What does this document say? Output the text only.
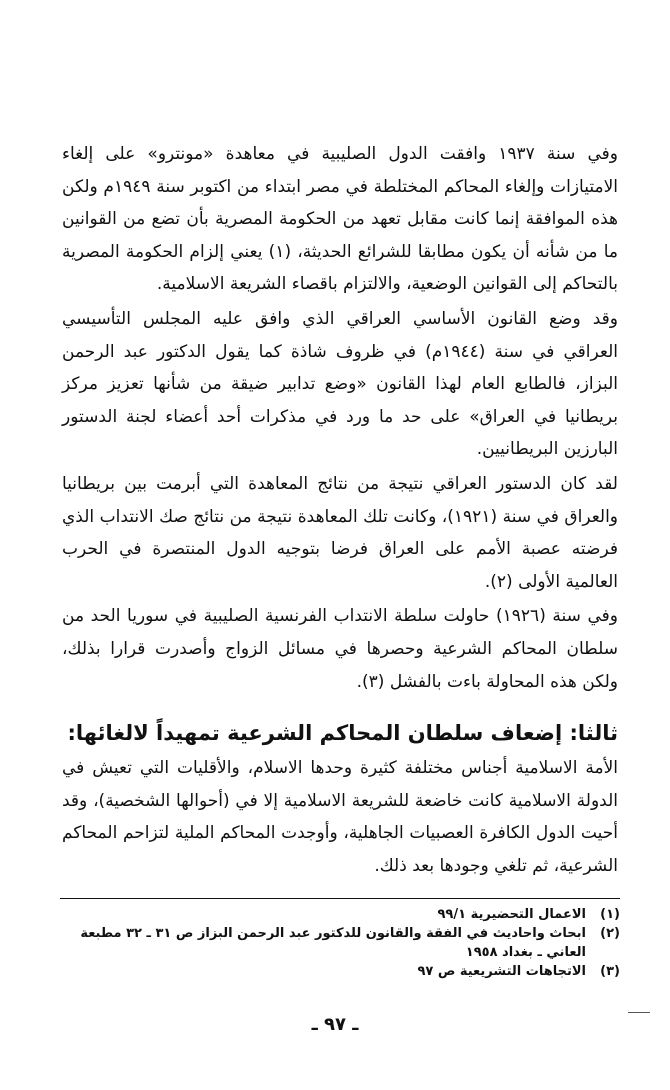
وفي سنة ١٩٣٧ وافقت الدول الصليبية في معاهدة «مونترو» على إلغاء الامتيازات وإلغاء المحاكم المختلطة في مصر ابتداء من اكتوبر سنة ١٩٤٩م ولكن هذه الموافقة إنما كانت مقابل تعهد من الحكومة المصرية بأن تضع من القوانين ما من شأنه أن يكون مطابقا للشرائع الحديثة، (١) يعني إلزام الحكومة المصرية بالتحاكم إلى القوانين الوضعية، والالتزام باقصاء الشريعة الاسلامية.

وقد وضع القانون الأساسي العراقي الذي وافق عليه المجلس التأسيسي العراقي في سنة (١٩٤٤م) في ظروف شاذة كما يقول الدكتور عبد الرحمن البزاز، فالطابع العام لهذا القانون «وضع تدابير ضيقة من شأنها تعزيز مركز بريطانيا في العراق» على حد ما ورد في مذكرات أحد أعضاء لجنة الدستور البارزين البريطانيين.

لقد كان الدستور العراقي نتيجة من نتائج المعاهدة التي أبرمت بين بريطانيا والعراق في سنة (١٩٢١)، وكانت تلك المعاهدة نتيجة من نتائج صك الانتداب الذي فرضته عصبة الأمم على العراق فرضا بتوجيه الدول المنتصرة في الحرب العالمية الأولى (٢).

وفي سنة (١٩٢٦) حاولت سلطة الانتداب الفرنسية الصليبية في سوريا الحد من سلطان المحاكم الشرعية وحصرها في مسائل الزواج وأصدرت قرارا بذلك، ولكن هذه المحاولة باءت بالفشل (٣).

ثالثا: إضعاف سلطان المحاكم الشرعية تمهيداً لالغائها:

الأمة الاسلامية أجناس مختلفة كثيرة وحدها الاسلام، والأقليات التي تعيش في الدولة الاسلامية كانت خاضعة للشريعة الاسلامية إلا في (أحوالها الشخصية)، وقد أحيت الدول الكافرة العصبيات الجاهلية، وأوجدت المحاكم الملية لتزاحم المحاكم الشرعية، ثم تلغي وجودها بعد ذلك.

(١)
الاعمال التحضيرية ٩٩/١
(٢)
ابحاث واحاديث في الفقة والقانون للدكتور عبد الرحمن البزاز ص ٣١ ـ ٣٢ مطبعة العاني ـ بغداد ١٩٥٨
(٣)
الاتجاهات التشريعية ص ٩٧
ـ ٩٧ ـ
